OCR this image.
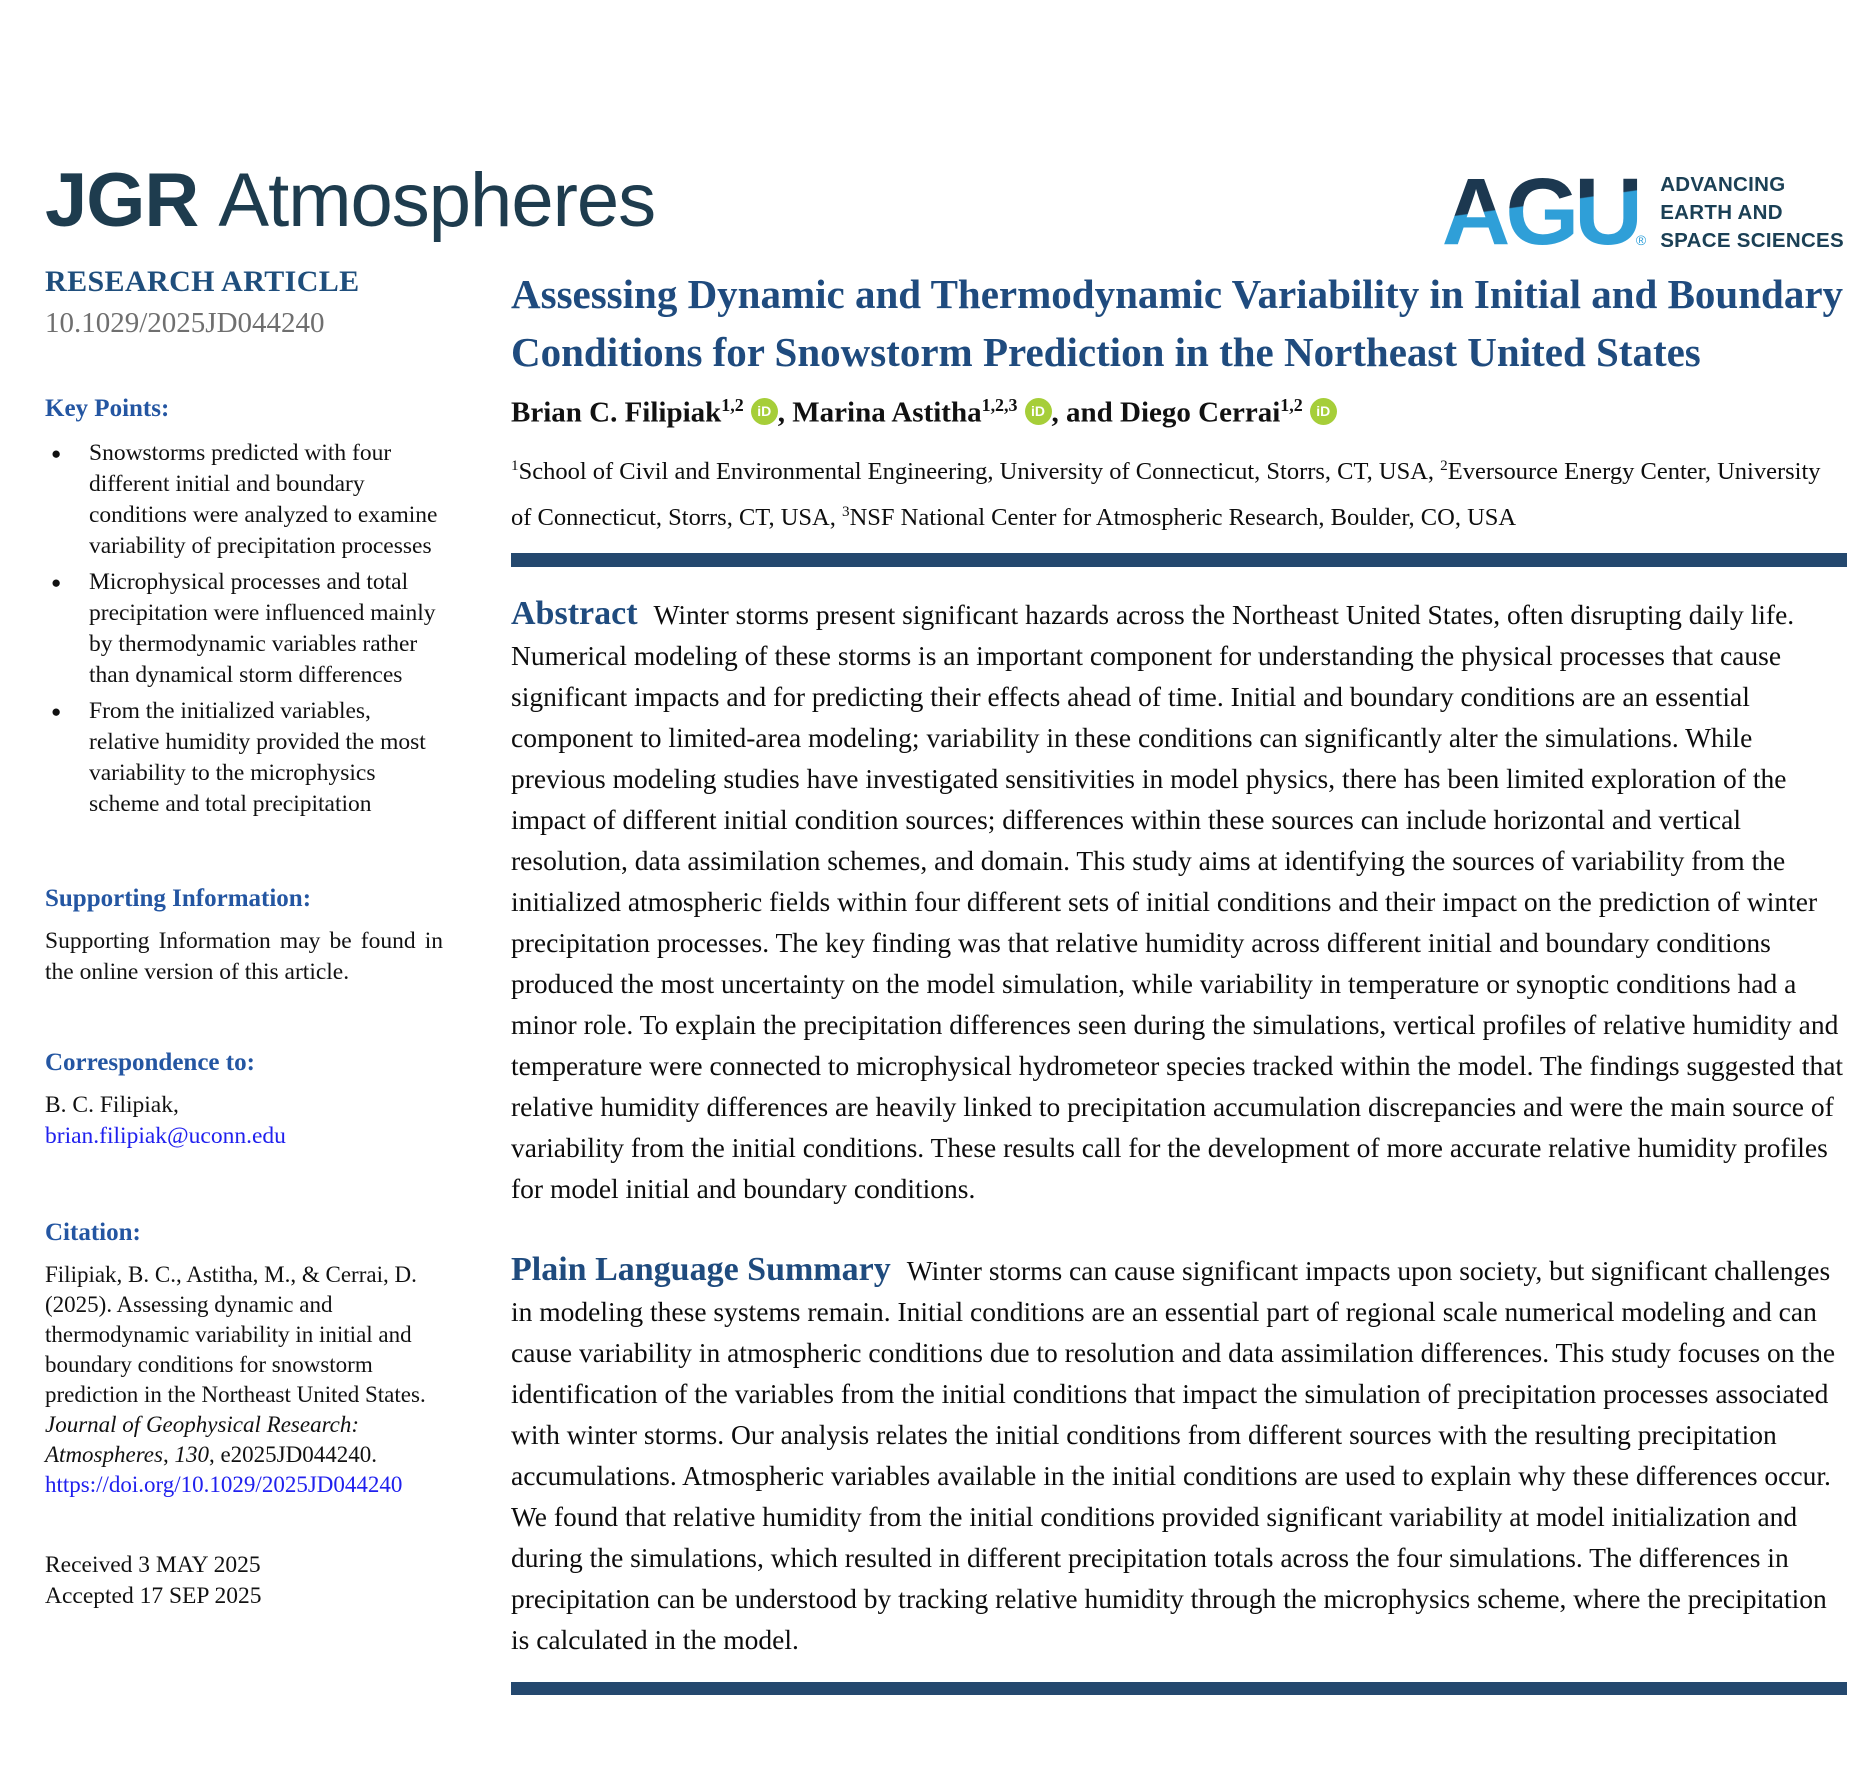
AGU
®
ADVANCING
EARTH AND
SPACE SCIENCES
JGR Atmospheres
RESEARCH ARTICLE
10.1029/2025JD044240
Key Points:
● Snowstorms predicted with four different initial and boundary conditions were analyzed to examine variability of precipitation processes
● Microphysical processes and total precipitation were influenced mainly by thermodynamic variables rather than dynamical storm differences
● From the initialized variables, relative humidity provided the most variability to the microphysics scheme and total precipitation
Supporting Information:

Supporting Information may be found in the online version of this article.

Correspondence to:

B. C. Filipiak,
brian.filipiak@uconn.edu

Citation:

Filipiak, B. C., Astitha, M., & Cerrai, D. (2025). Assessing dynamic and thermodynamic variability in initial and boundary conditions for snowstorm prediction in the Northeast United States. Journal of Geophysical Research: Atmospheres, 130, e2025JD044240.
https://doi.org/10.1029/2025JD044240

Received 3 MAY 2025
Accepted 17 SEP 2025

Assessing Dynamic and Thermodynamic Variability in Initial and Boundary Conditions for Snowstorm Prediction in the Northeast United States

Brian C. Filipiak$^{1,2}$ iD , Marina Astitha$^{1,2,3}$ iD , and Diego Cerrai$^{1,2}$ iD

$^1$School of Civil and Environmental Engineering, University of Connecticut, Storrs, CT, USA, $^2$Eversource Energy Center, University of Connecticut, Storrs, CT, USA, $^3$NSF National Center for Atmospheric Research, Boulder, CO, USA

Abstract Winter storms present significant hazards across the Northeast United States, often disrupting daily life. Numerical modeling of these storms is an important component for understanding the physical processes that cause significant impacts and for predicting their effects ahead of time. Initial and boundary conditions are an essential component to limited-area modeling; variability in these conditions can significantly alter the simulations. While previous modeling studies have investigated sensitivities in model physics, there has been limited exploration of the impact of different initial condition sources; differences within these sources can include horizontal and vertical resolution, data assimilation schemes, and domain. This study aims at identifying the sources of variability from the initialized atmospheric fields within four different sets of initial conditions and their impact on the prediction of winter precipitation processes. The key finding was that relative humidity across different initial and boundary conditions produced the most uncertainty on the model simulation, while variability in temperature or synoptic conditions had a minor role. To explain the precipitation differences seen during the simulations, vertical profiles of relative humidity and temperature were connected to microphysical hydrometeor species tracked within the model. The findings suggested that relative humidity differences are heavily linked to precipitation accumulation discrepancies and were the main source of variability from the initial conditions. These results call for the development of more accurate relative humidity profiles for model initial and boundary conditions.

Plain Language Summary Winter storms can cause significant impacts upon society, but significant challenges in modeling these systems remain. Initial conditions are an essential part of regional scale numerical modeling and can cause variability in atmospheric conditions due to resolution and data assimilation differences. This study focuses on the identification of the variables from the initial conditions that impact the simulation of precipitation processes associated with winter storms. Our analysis relates the initial conditions from different sources with the resulting precipitation accumulations. Atmospheric variables available in the initial conditions are used to explain why these differences occur. We found that relative humidity from the initial conditions provided significant variability at model initialization and during the simulations, which resulted in different precipitation totals across the four simulations. The differences in precipitation can be understood by tracking relative humidity through the microphysics scheme, where the precipitation is calculated in the model.
